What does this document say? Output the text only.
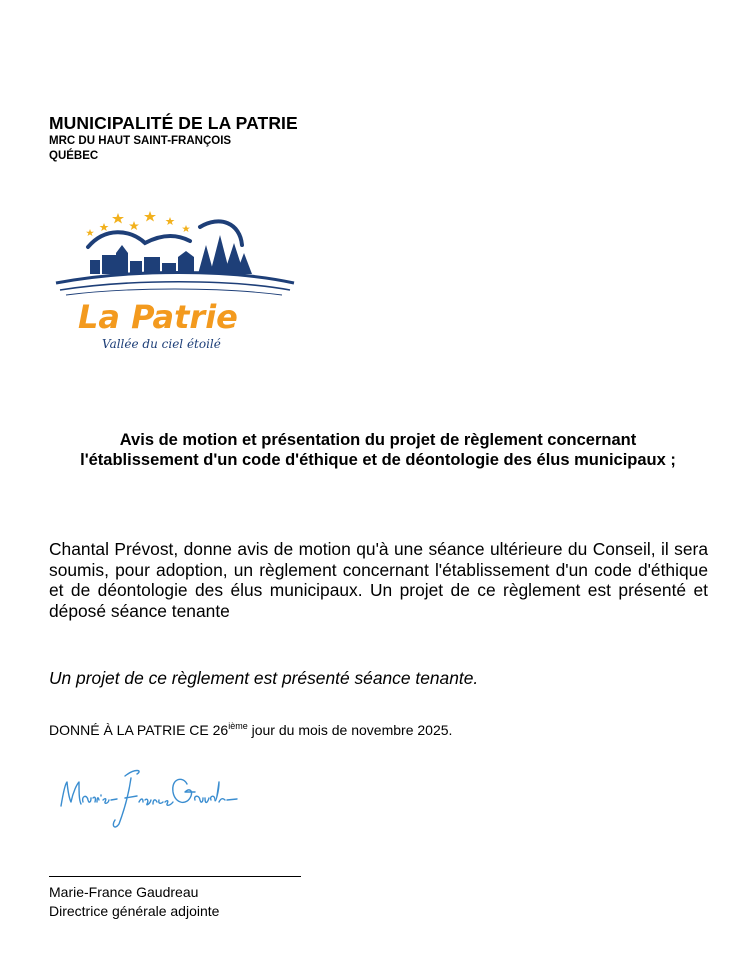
MUNICIPALITÉ DE LA PATRIE
MRC DU HAUT SAINT-FRANÇOIS
QUÉBEC
La Patrie
Vallée du ciel étoilé
Avis de motion et présentation du projet de règlement concernant l'établissement d'un code d'éthique et de déontologie des élus municipaux ;
Chantal Prévost, donne avis de motion qu'à une séance ultérieure du Conseil, il sera soumis, pour adoption, un règlement concernant l'établissement d'un code d'éthique et de déontologie des élus municipaux. Un projet de ce règlement est présenté et déposé séance tenante
Un projet de ce règlement est présenté séance tenante.
DONNÉ À LA PATRIE CE 26ième jour du mois de novembre 2025.
Marie-France Gaudreau
Marie-France Gaudreau
Directrice générale adjointe
